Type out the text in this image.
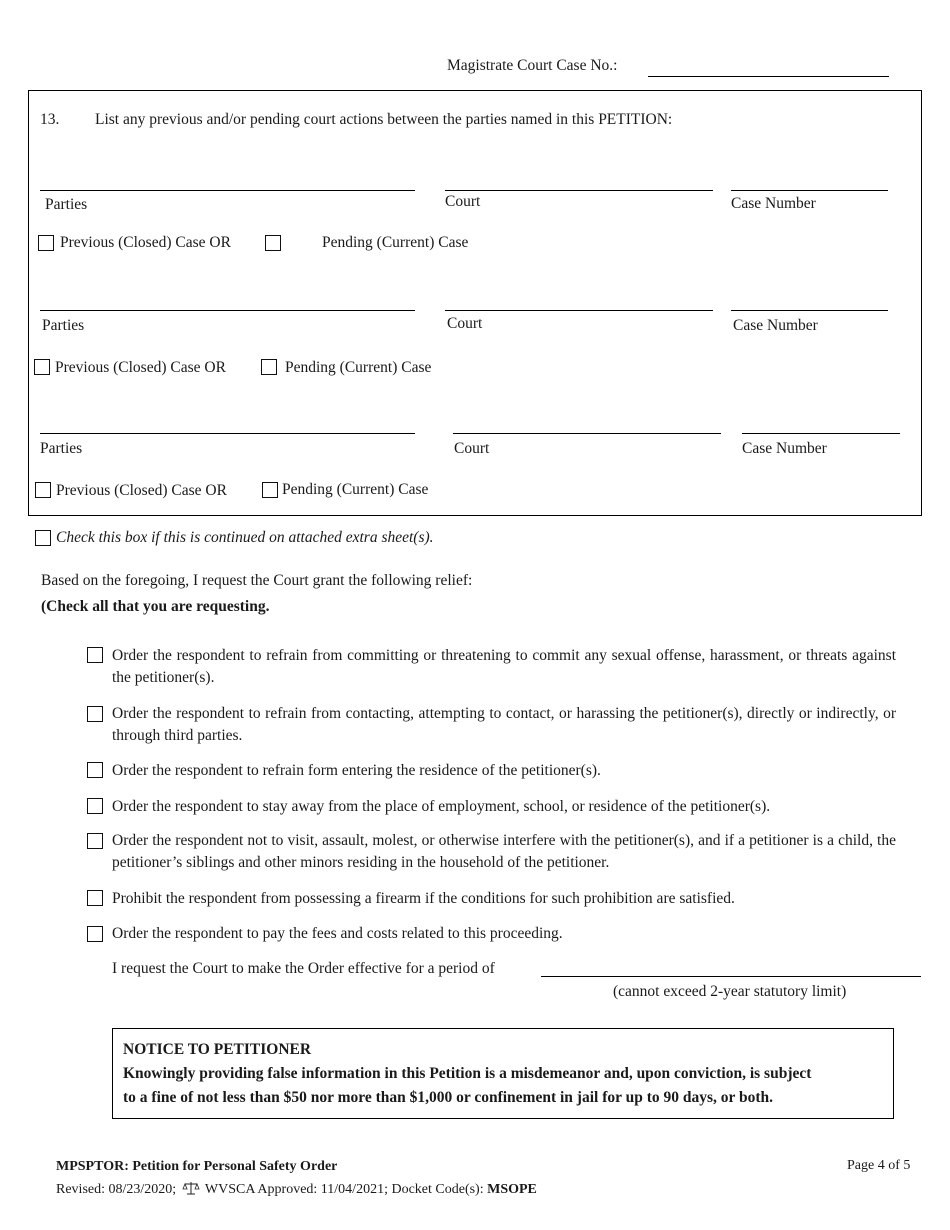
Magistrate Court Case No.:
13. List any previous and/or pending court actions between the parties named in this PETITION:
Parties	Court	Case Number
Previous (Closed) Case OR	Pending (Current) Case
Parties	Court	Case Number
Previous (Closed) Case OR	Pending (Current) Case
Parties	Court	Case Number
Previous (Closed) Case OR	Pending (Current) Case
Check this box if this is continued on attached extra sheet(s).
Based on the foregoing, I request the Court grant the following relief:
(Check all that you are requesting.
Order the respondent to refrain from committing or threatening to commit any sexual offense, harassment, or threats against the petitioner(s).
Order the respondent to refrain from contacting, attempting to contact, or harassing the petitioner(s), directly or indirectly, or through third parties.
Order the respondent to refrain form entering the residence of the petitioner(s).
Order the respondent to stay away from the place of employment, school, or residence of the petitioner(s).
Order the respondent not to visit, assault, molest, or otherwise interfere with the petitioner(s), and if a petitioner is a child, the petitioner’s siblings and other minors residing in the household of the petitioner.
Prohibit the respondent from possessing a firearm if the conditions for such prohibition are satisfied.
Order the respondent to pay the fees and costs related to this proceeding.
I request the Court to make the Order effective for a period of
(cannot exceed 2-year statutory limit)
NOTICE TO PETITIONER
Knowingly providing false information in this Petition is a misdemeanor and, upon conviction, is subject
to a fine of not less than $50 nor more than $1,000 or confinement in jail for up to 90 days, or both.
MPSPTOR: Petition for Personal Safety Order	Page 4 of 5
Revised: 08/23/2020; WVSCA Approved: 11/04/2021; Docket Code(s): MSOPE
